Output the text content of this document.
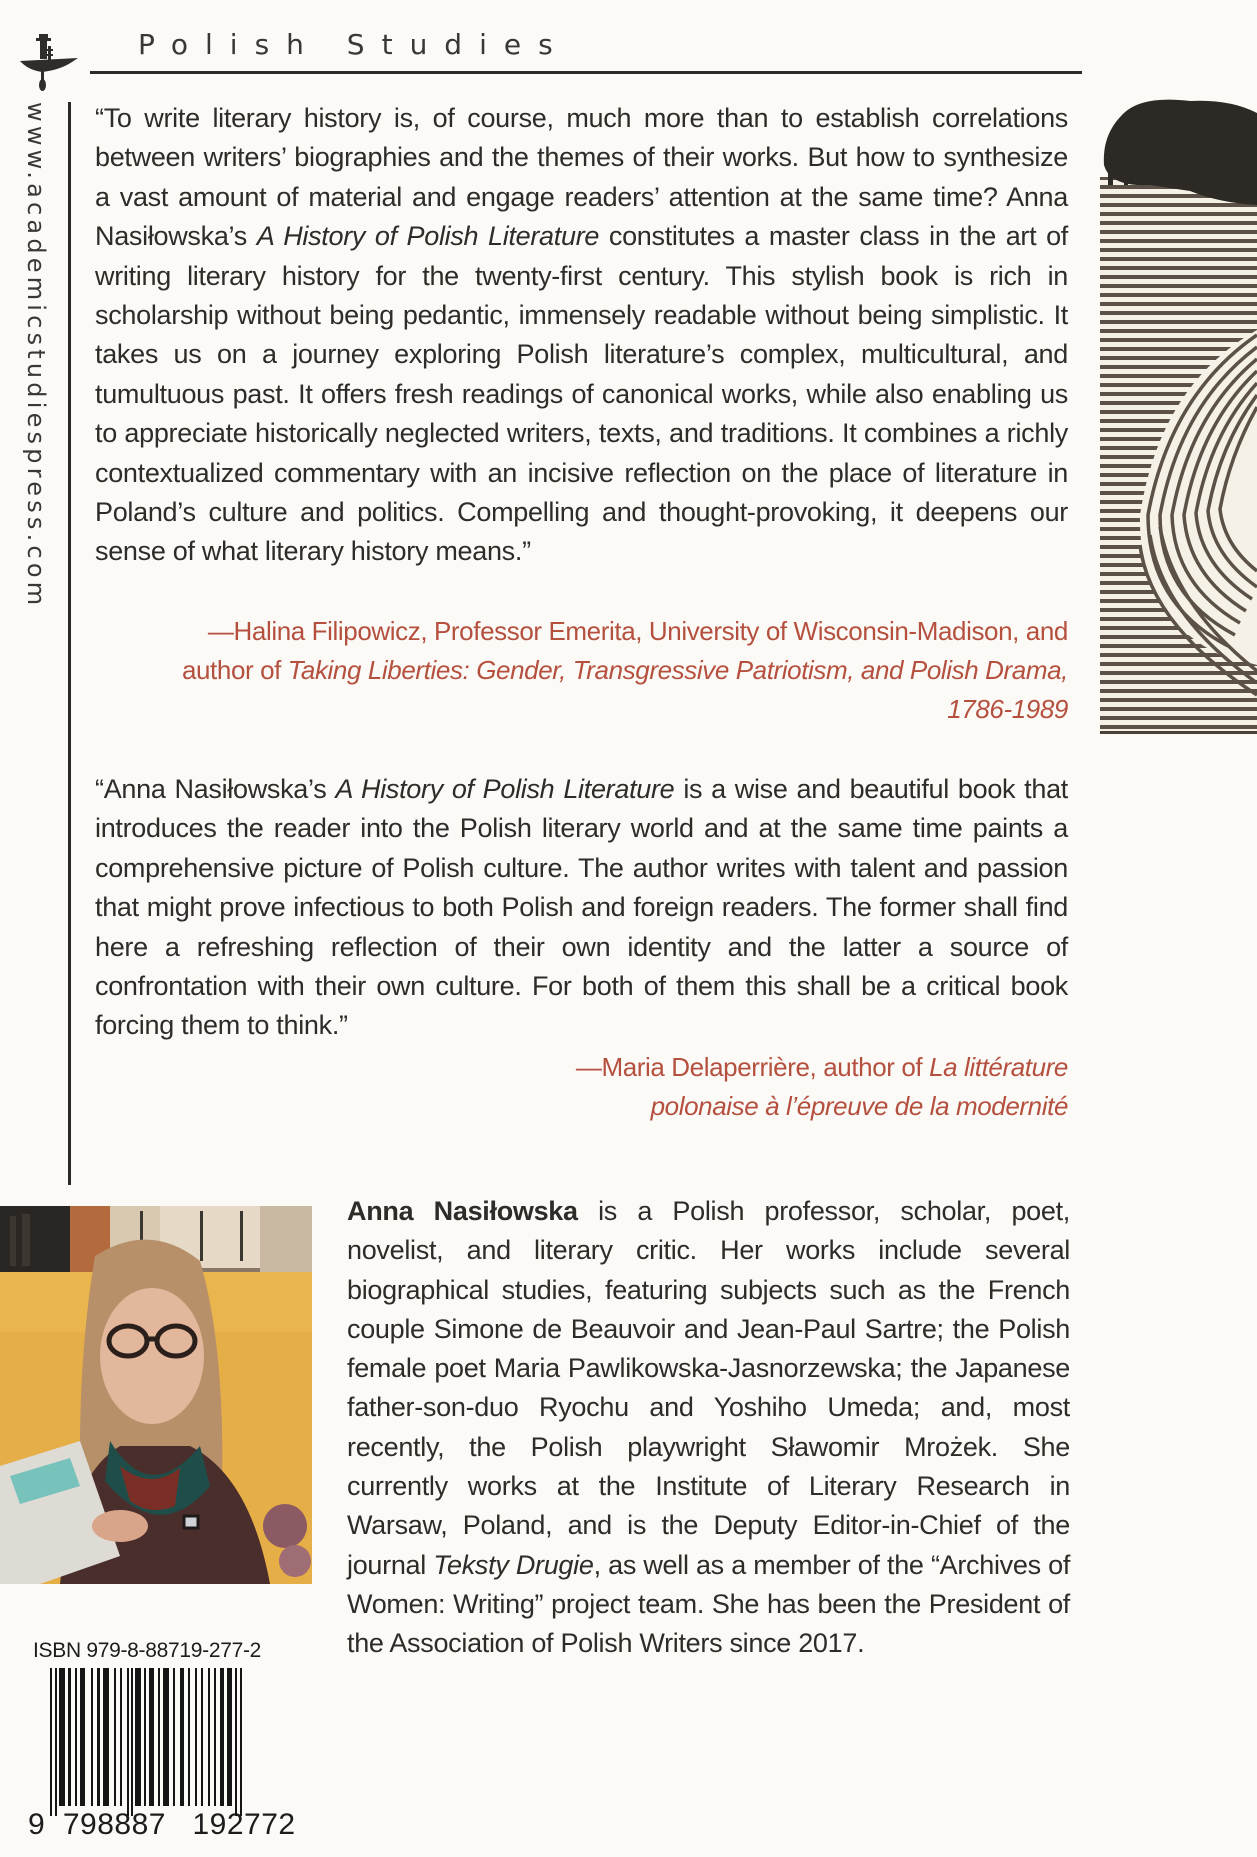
Polish Studies
www.academicstudiespress.com “To write literary history is, of course, much more than to establish correlations between writers’ biographies and the themes of their works. But how to synthesize a vast amount of material and engage readers’ attention at the same time? Anna Nasiłowska’s A History of Polish Literature constitutes a master class in the art of writing literary history for the twenty-first century. This stylish book is rich in scholarship without being pedantic, immensely readable without being simplistic. It takes us on a journey exploring Polish literature’s complex, multicultural, and tumultuous past. It offers fresh readings of canonical works, while also enabling us to appreciate historically neglected writers, texts, and traditions. It combines a richly contextualized commentary with an incisive reflection on the place of literature in Poland’s culture and politics. Compelling and thought-provoking, it deepens our sense of what literary history means.”
—Halina Filipowicz, Professor Emerita, University of Wisconsin-Madison, and author of Taking Liberties: Gender, Transgressive Patriotism, and Polish Drama, 1786-1989
“Anna Nasiłowska’s A History of Polish Literature is a wise and beautiful book that introduces the reader into the Polish literary world and at the same time paints a comprehensive picture of Polish culture. The author writes with talent and passion that might prove infectious to both Polish and foreign readers. The former shall find here a refreshing reflection of their own identity and the latter a source of confrontation with their own culture. For both of them this shall be a critical book forcing them to think.”
—Maria Delaperrière, author of La littérature polonaise à l’épreuve de la modernité
Anna Nasiłowska is a Polish professor, scholar, poet, novelist, and literary critic. Her works include several biographical studies, featuring subjects such as the French couple Simone de Beauvoir and Jean-Paul Sartre; the Polish female poet Maria Pawlikowska-Jasnorzewska; the Japanese father-son-duo Ryochu and Yoshiho Umeda; and, most recently, the Polish playwright Sławomir Mrożek. She currently works at the Institute of Literary Research in Warsaw, Poland, and is the Deputy Editor-in-Chief of the journal Teksty Drugie, as well as a member of the “Archives of Women: Writing” project team. She has been the President of the Association of Polish Writers since 2017.
ISBN 979-8-88719-277-2
9  798887   192772
